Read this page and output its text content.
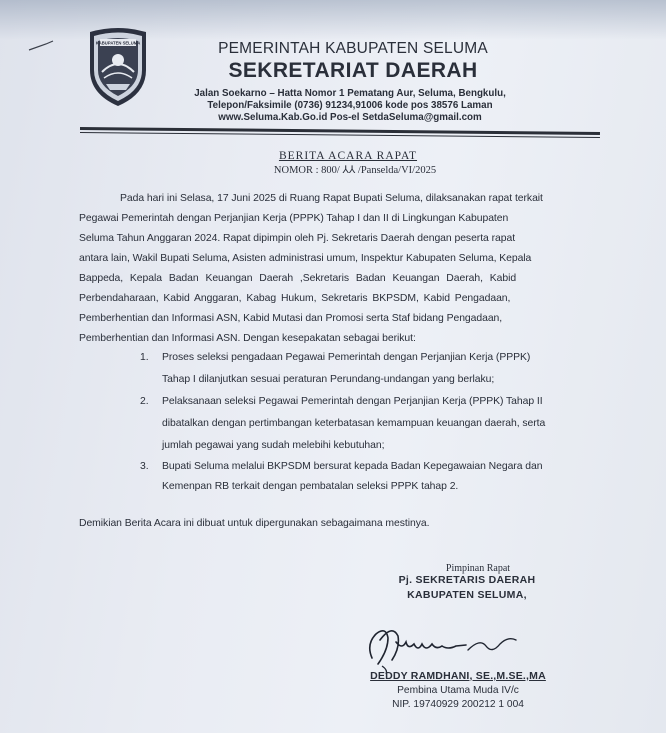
KABUPATEN SELUMA	PEMERINTAH KABUPATEN SELUMA
SEKRETARIAT DAERAH
Jalan Soekarno – Hatta Nomor 1 Pematang Aur, Seluma, Bengkulu,
Telepon/Faksimile (0736) 91234,91006 kode pos 38576 Laman
www.Seluma.Kab.Go.id Pos-el SetdaSeluma@gmail.com
BERITA ACARA RAPAT
NOMOR : 800/ ⅄⅄ /Panselda/VI/2025
Pada hari ini Selasa, 17 Juni 2025 di Ruang Rapat Bupati Seluma, dilaksanakan rapat terkait
Pegawai Pemerintah dengan Perjanjian Kerja (PPPK) Tahap I dan II di Lingkungan Kabupaten
Seluma Tahun Anggaran 2024. Rapat dipimpin oleh Pj. Sekretaris Daerah dengan peserta rapat
antara lain, Wakil Bupati Seluma, Asisten administrasi umum, Inspektur Kabupaten Seluma, Kepala
Bappeda, Kepala Badan Keuangan Daerah ,Sekretaris Badan Keuangan Daerah, Kabid
Perbendaharaan, Kabid Anggaran, Kabag Hukum, Sekretaris BKPSDM, Kabid Pengadaan,
Pemberhentian dan Informasi ASN, Kabid Mutasi dan Promosi serta Staf bidang Pengadaan,
Pemberhentian dan Informasi ASN. Dengan kesepakatan sebagai berikut:
1. Proses seleksi pengadaan Pegawai Pemerintah dengan Perjanjian Kerja (PPPK)
Tahap I dilanjutkan sesuai peraturan Perundang-undangan yang berlaku;
2. Pelaksanaan seleksi Pegawai Pemerintah dengan Perjanjian Kerja (PPPK) Tahap II
dibatalkan dengan pertimbangan keterbatasan kemampuan keuangan daerah, serta
jumlah pegawai yang sudah melebihi kebutuhan;
3. Bupati Seluma melalui BKPSDM bersurat kepada Badan Kepegawaian Negara dan
Kemenpan RB terkait dengan pembatalan seleksi PPPK tahap 2.
Demikian Berita Acara ini dibuat untuk dipergunakan sebagaimana mestinya.
Pimpinan Rapat
Pj. SEKRETARIS DAERAH
KABUPATEN SELUMA,
DEDDY RAMDHANI, SE.,M.SE.,MA
Pembina Utama Muda IV/c
NIP. 19740929 200212 1 004
